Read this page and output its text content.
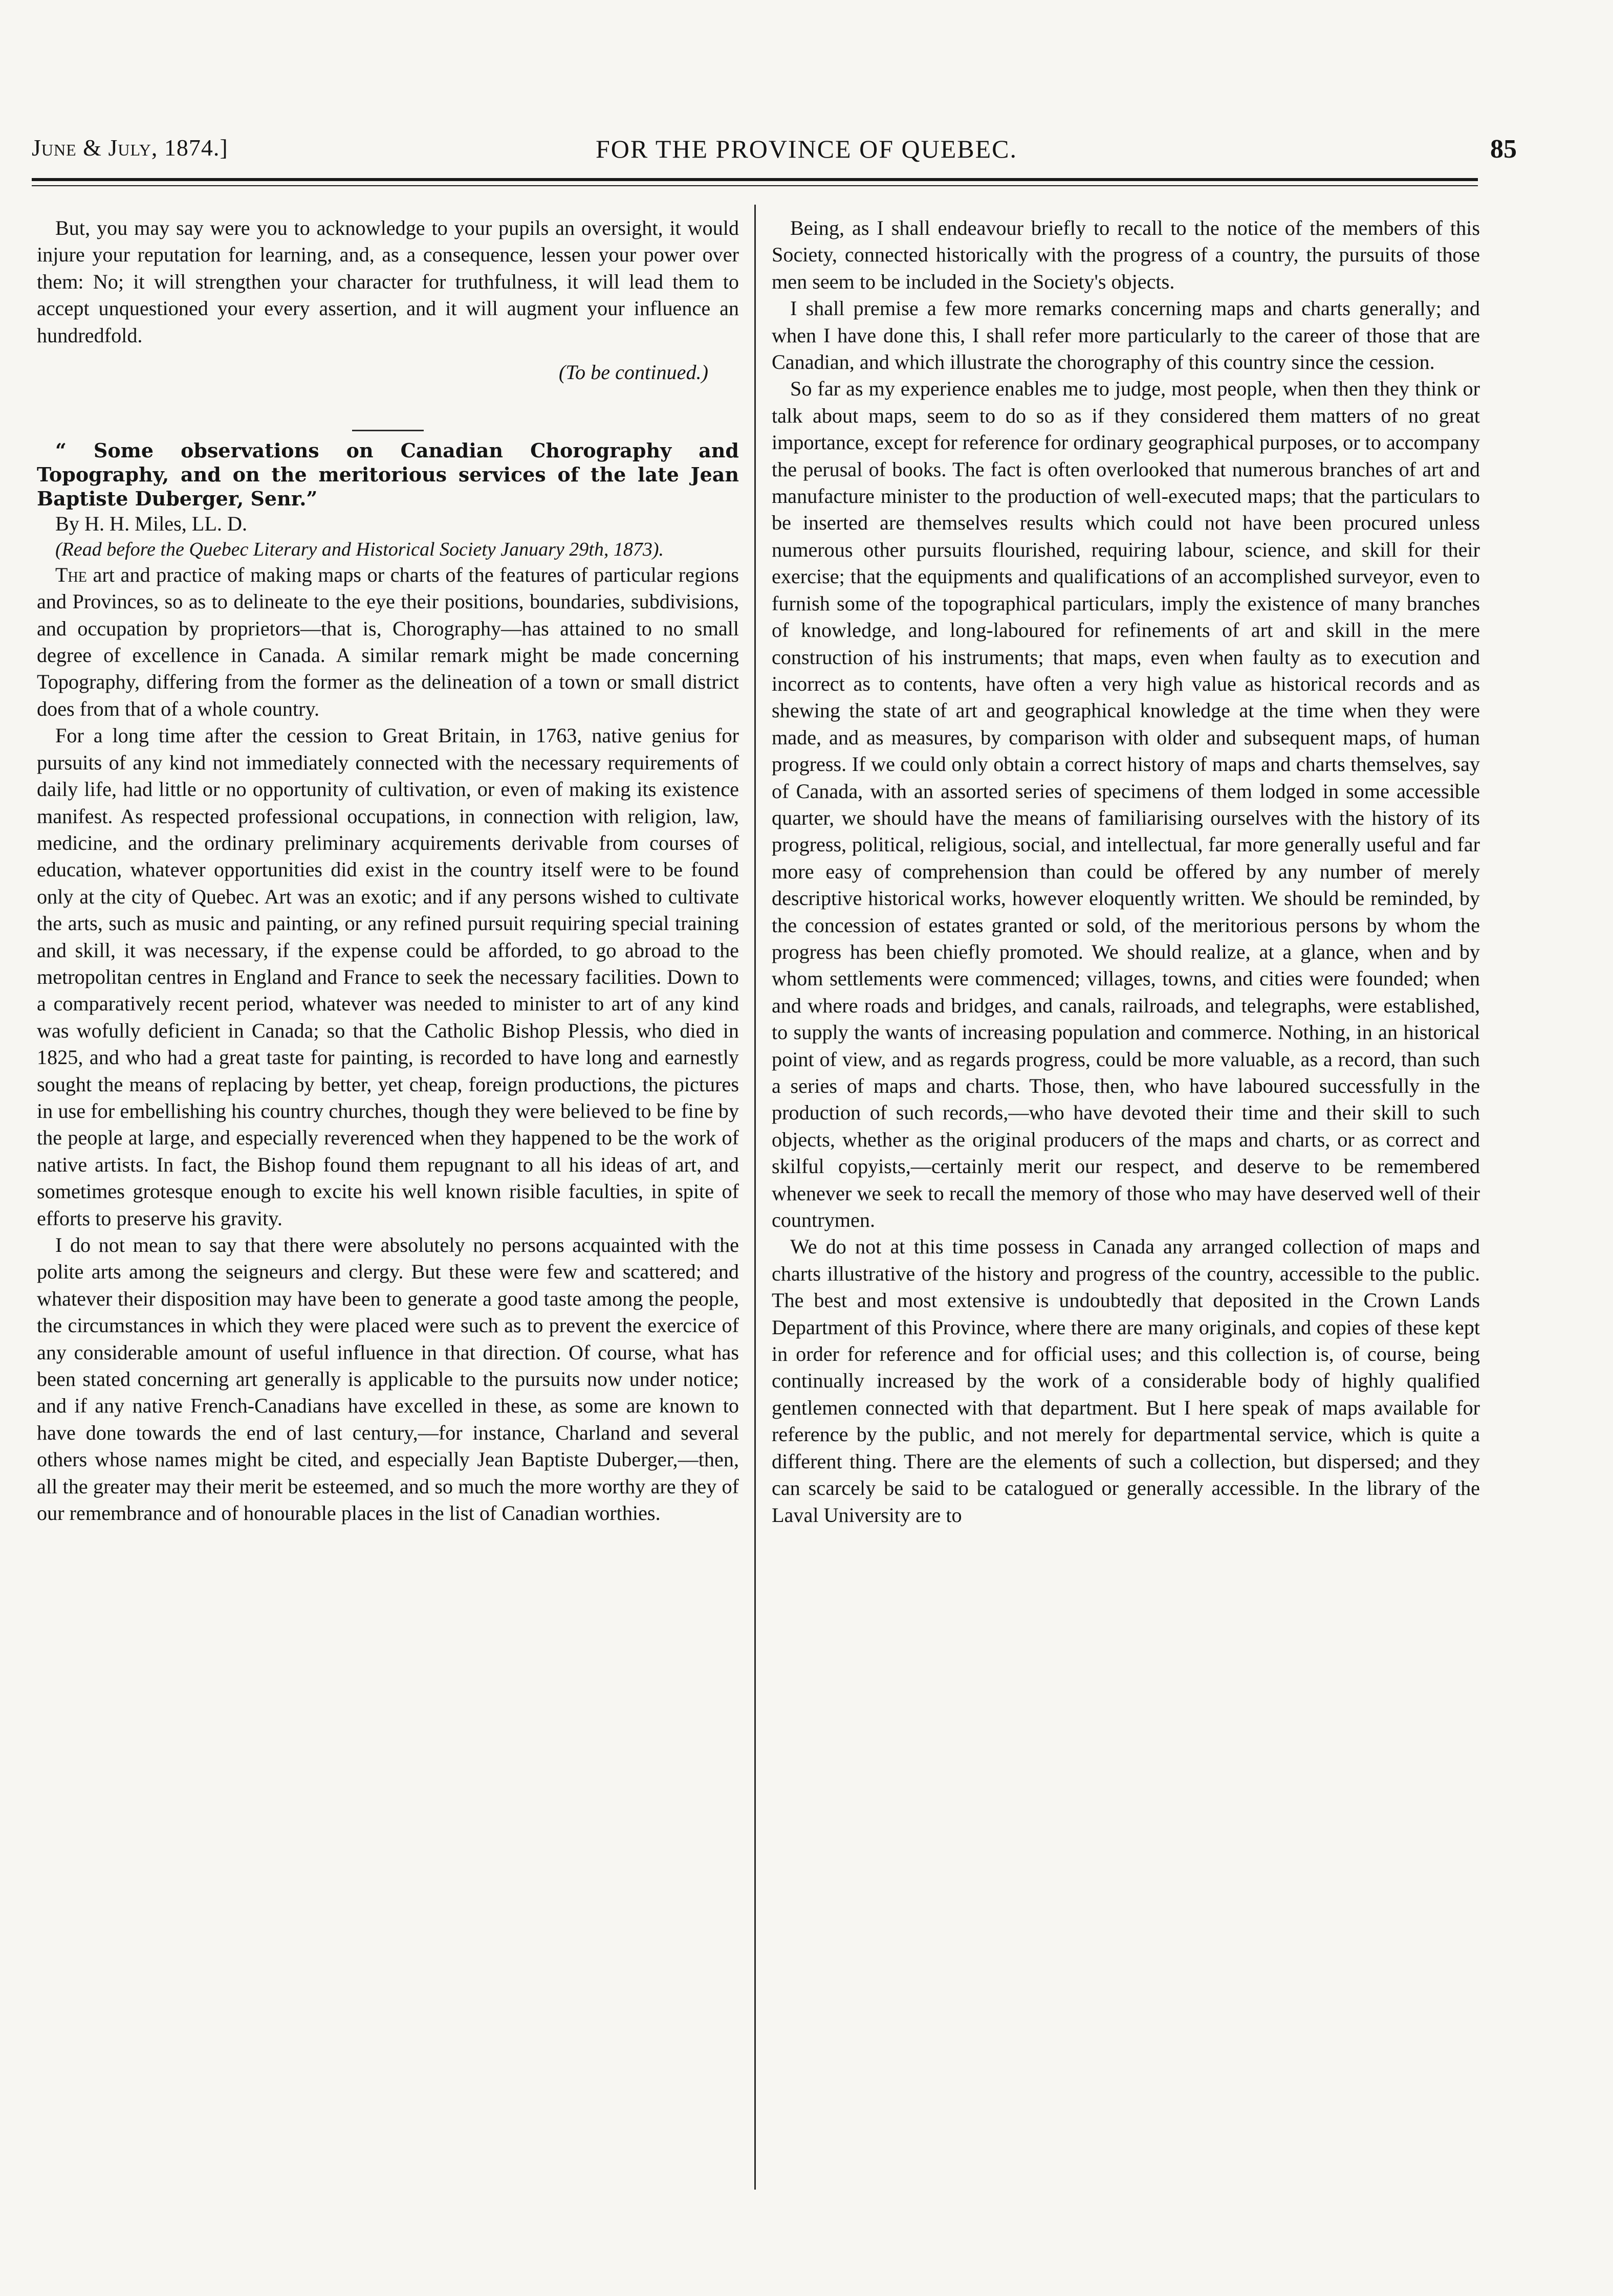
June & July, 1874.]	FOR THE PROVINCE OF QUEBEC.	85

But, you may say were you to acknowledge to your pupils an oversight, it would injure your reputation for learning, and, as a consequence, lessen your power over them: No; it will strengthen your character for truthfulness, it will lead them to accept unquestioned your every assertion, and it will augment your influence an hundredfold.

(To be continued.)

“ Some observations on Canadian Chorography and Topography, and on the meritorious services of the late Jean Baptiste Duberger, Senr.”

By H. H. Miles, LL. D.

(Read before the Quebec Literary and Historical Society January 29th, 1873).

The art and practice of making maps or charts of the features of particular regions and Provinces, so as to delineate to the eye their positions, boundaries, subdivisions, and occupation by proprietors—that is, Chorography—has attained to no small degree of excellence in Canada. A similar remark might be made concerning Topography, differing from the former as the delineation of a town or small district does from that of a whole country.

For a long time after the cession to Great Britain, in 1763, native genius for pursuits of any kind not immediately connected with the necessary requirements of daily life, had little or no opportunity of cultivation, or even of making its existence manifest. As respected professional occupations, in connection with religion, law, medicine, and the ordinary preliminary acquirements derivable from courses of education, whatever opportunities did exist in the country itself were to be found only at the city of Quebec. Art was an exotic; and if any persons wished to cultivate the arts, such as music and painting, or any refined pursuit requiring special training and skill, it was necessary, if the expense could be afforded, to go abroad to the metropolitan centres in England and France to seek the necessary facilities. Down to a comparatively recent period, whatever was needed to minister to art of any kind was wofully deficient in Canada; so that the Catholic Bishop Plessis, who died in 1825, and who had a great taste for painting, is recorded to have long and earnestly sought the means of replacing by better, yet cheap, foreign productions, the pictures in use for embellishing his country churches, though they were believed to be fine by the people at large, and especially reverenced when they happened to be the work of native artists. In fact, the Bishop found them repugnant to all his ideas of art, and sometimes grotesque enough to excite his well known risible faculties, in spite of efforts to preserve his gravity.

I do not mean to say that there were absolutely no persons acquainted with the polite arts among the seigneurs and clergy. But these were few and scattered; and whatever their disposition may have been to generate a good taste among the people, the circumstances in which they were placed were such as to prevent the exercice of any considerable amount of useful influence in that direction. Of course, what has been stated concerning art generally is applicable to the pursuits now under notice; and if any native French-Canadians have excelled in these, as some are known to have done towards the end of last century,—for instance, Charland and several others whose names might be cited, and especially Jean Baptiste Duberger,—then, all the greater may their merit be esteemed, and so much the more worthy are they of our remembrance and of honourable places in the list of Canadian worthies.

Being, as I shall endeavour briefly to recall to the notice of the members of this Society, connected historically with the progress of a country, the pursuits of those men seem to be included in the Society's objects.

I shall premise a few more remarks concerning maps and charts generally; and when I have done this, I shall refer more particularly to the career of those that are Canadian, and which illustrate the chorography of this country since the cession.

So far as my experience enables me to judge, most people, when then they think or talk about maps, seem to do so as if they considered them matters of no great importance, except for reference for ordinary geographical purposes, or to accompany the perusal of books. The fact is often overlooked that numerous branches of art and manufacture minister to the production of well-executed maps; that the particulars to be inserted are themselves results which could not have been procured unless numerous other pursuits flourished, requiring labour, science, and skill for their exercise; that the equipments and qualifications of an accomplished surveyor, even to furnish some of the topographical particulars, imply the existence of many branches of knowledge, and long-laboured for refinements of art and skill in the mere construction of his instruments; that maps, even when faulty as to execution and incorrect as to contents, have often a very high value as historical records and as shewing the state of art and geographical knowledge at the time when they were made, and as measures, by comparison with older and subsequent maps, of human progress. If we could only obtain a correct history of maps and charts themselves, say of Canada, with an assorted series of specimens of them lodged in some accessible quarter, we should have the means of familiarising ourselves with the history of its progress, political, religious, social, and intellectual, far more generally useful and far more easy of comprehension than could be offered by any number of merely descriptive historical works, however eloquently written. We should be reminded, by the concession of estates granted or sold, of the meritorious persons by whom the progress has been chiefly promoted. We should realize, at a glance, when and by whom settlements were commenced; villages, towns, and cities were founded; when and where roads and bridges, and canals, railroads, and telegraphs, were established, to supply the wants of increasing population and commerce. Nothing, in an historical point of view, and as regards progress, could be more valuable, as a record, than such a series of maps and charts. Those, then, who have laboured successfully in the production of such records,—who have devoted their time and their skill to such objects, whether as the original producers of the maps and charts, or as correct and skilful copyists,—certainly merit our respect, and deserve to be remembered whenever we seek to recall the memory of those who may have deserved well of their countrymen.

We do not at this time possess in Canada any arranged collection of maps and charts illustrative of the history and progress of the country, accessible to the public. The best and most extensive is undoubtedly that deposited in the Crown Lands Department of this Province, where there are many originals, and copies of these kept in order for reference and for official uses; and this collection is, of course, being continually increased by the work of a considerable body of highly qualified gentlemen connected with that department. But I here speak of maps available for reference by the public, and not merely for departmental service, which is quite a different thing. There are the elements of such a collection, but dispersed; and they can scarcely be said to be catalogued or generally accessible. In the library of the Laval University are to
